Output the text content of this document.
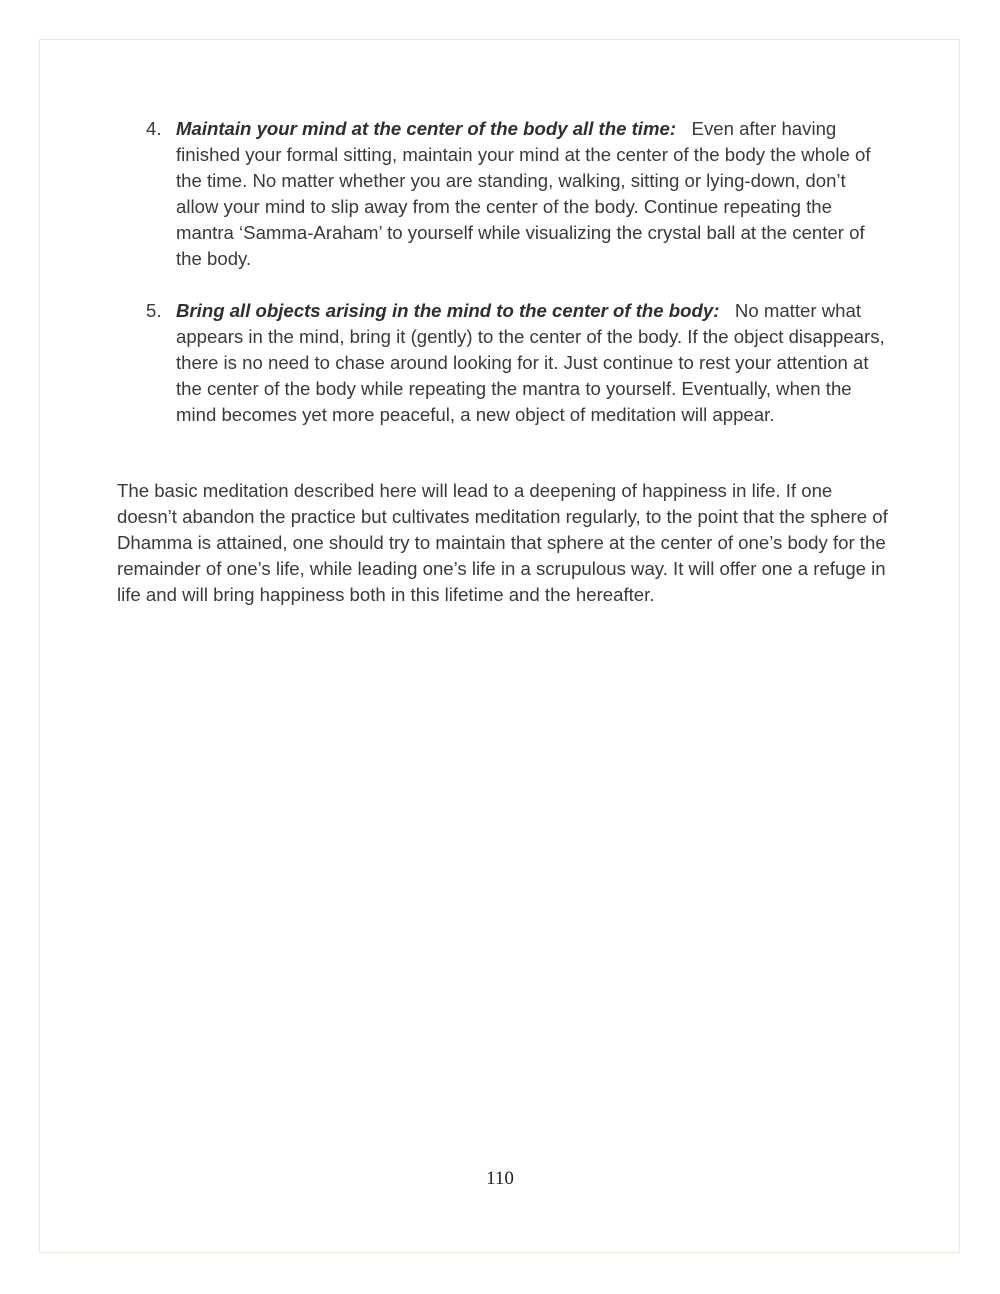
4. Maintain your mind at the center of the body all the time: Even after having finished your formal sitting, maintain your mind at the center of the body the whole of the time. No matter whether you are standing, walking, sitting or lying-down, don’t allow your mind to slip away from the center of the body. Continue repeating the mantra ‘Samma-Araham’ to yourself while visualizing the crystal ball at the center of the body.
5. Bring all objects arising in the mind to the center of the body: No matter what appears in the mind, bring it (gently) to the center of the body. If the object disappears, there is no need to chase around looking for it. Just continue to rest your attention at the center of the body while repeating the mantra to yourself. Eventually, when the mind becomes yet more peaceful, a new object of meditation will appear.

The basic meditation described here will lead to a deepening of happiness in life. If one doesn’t abandon the practice but cultivates meditation regularly, to the point that the sphere of Dhamma is attained, one should try to maintain that sphere at the center of one’s body for the remainder of one’s life, while leading one’s life in a scrupulous way. It will offer one a refuge in life and will bring happiness both in this lifetime and the hereafter.

110
